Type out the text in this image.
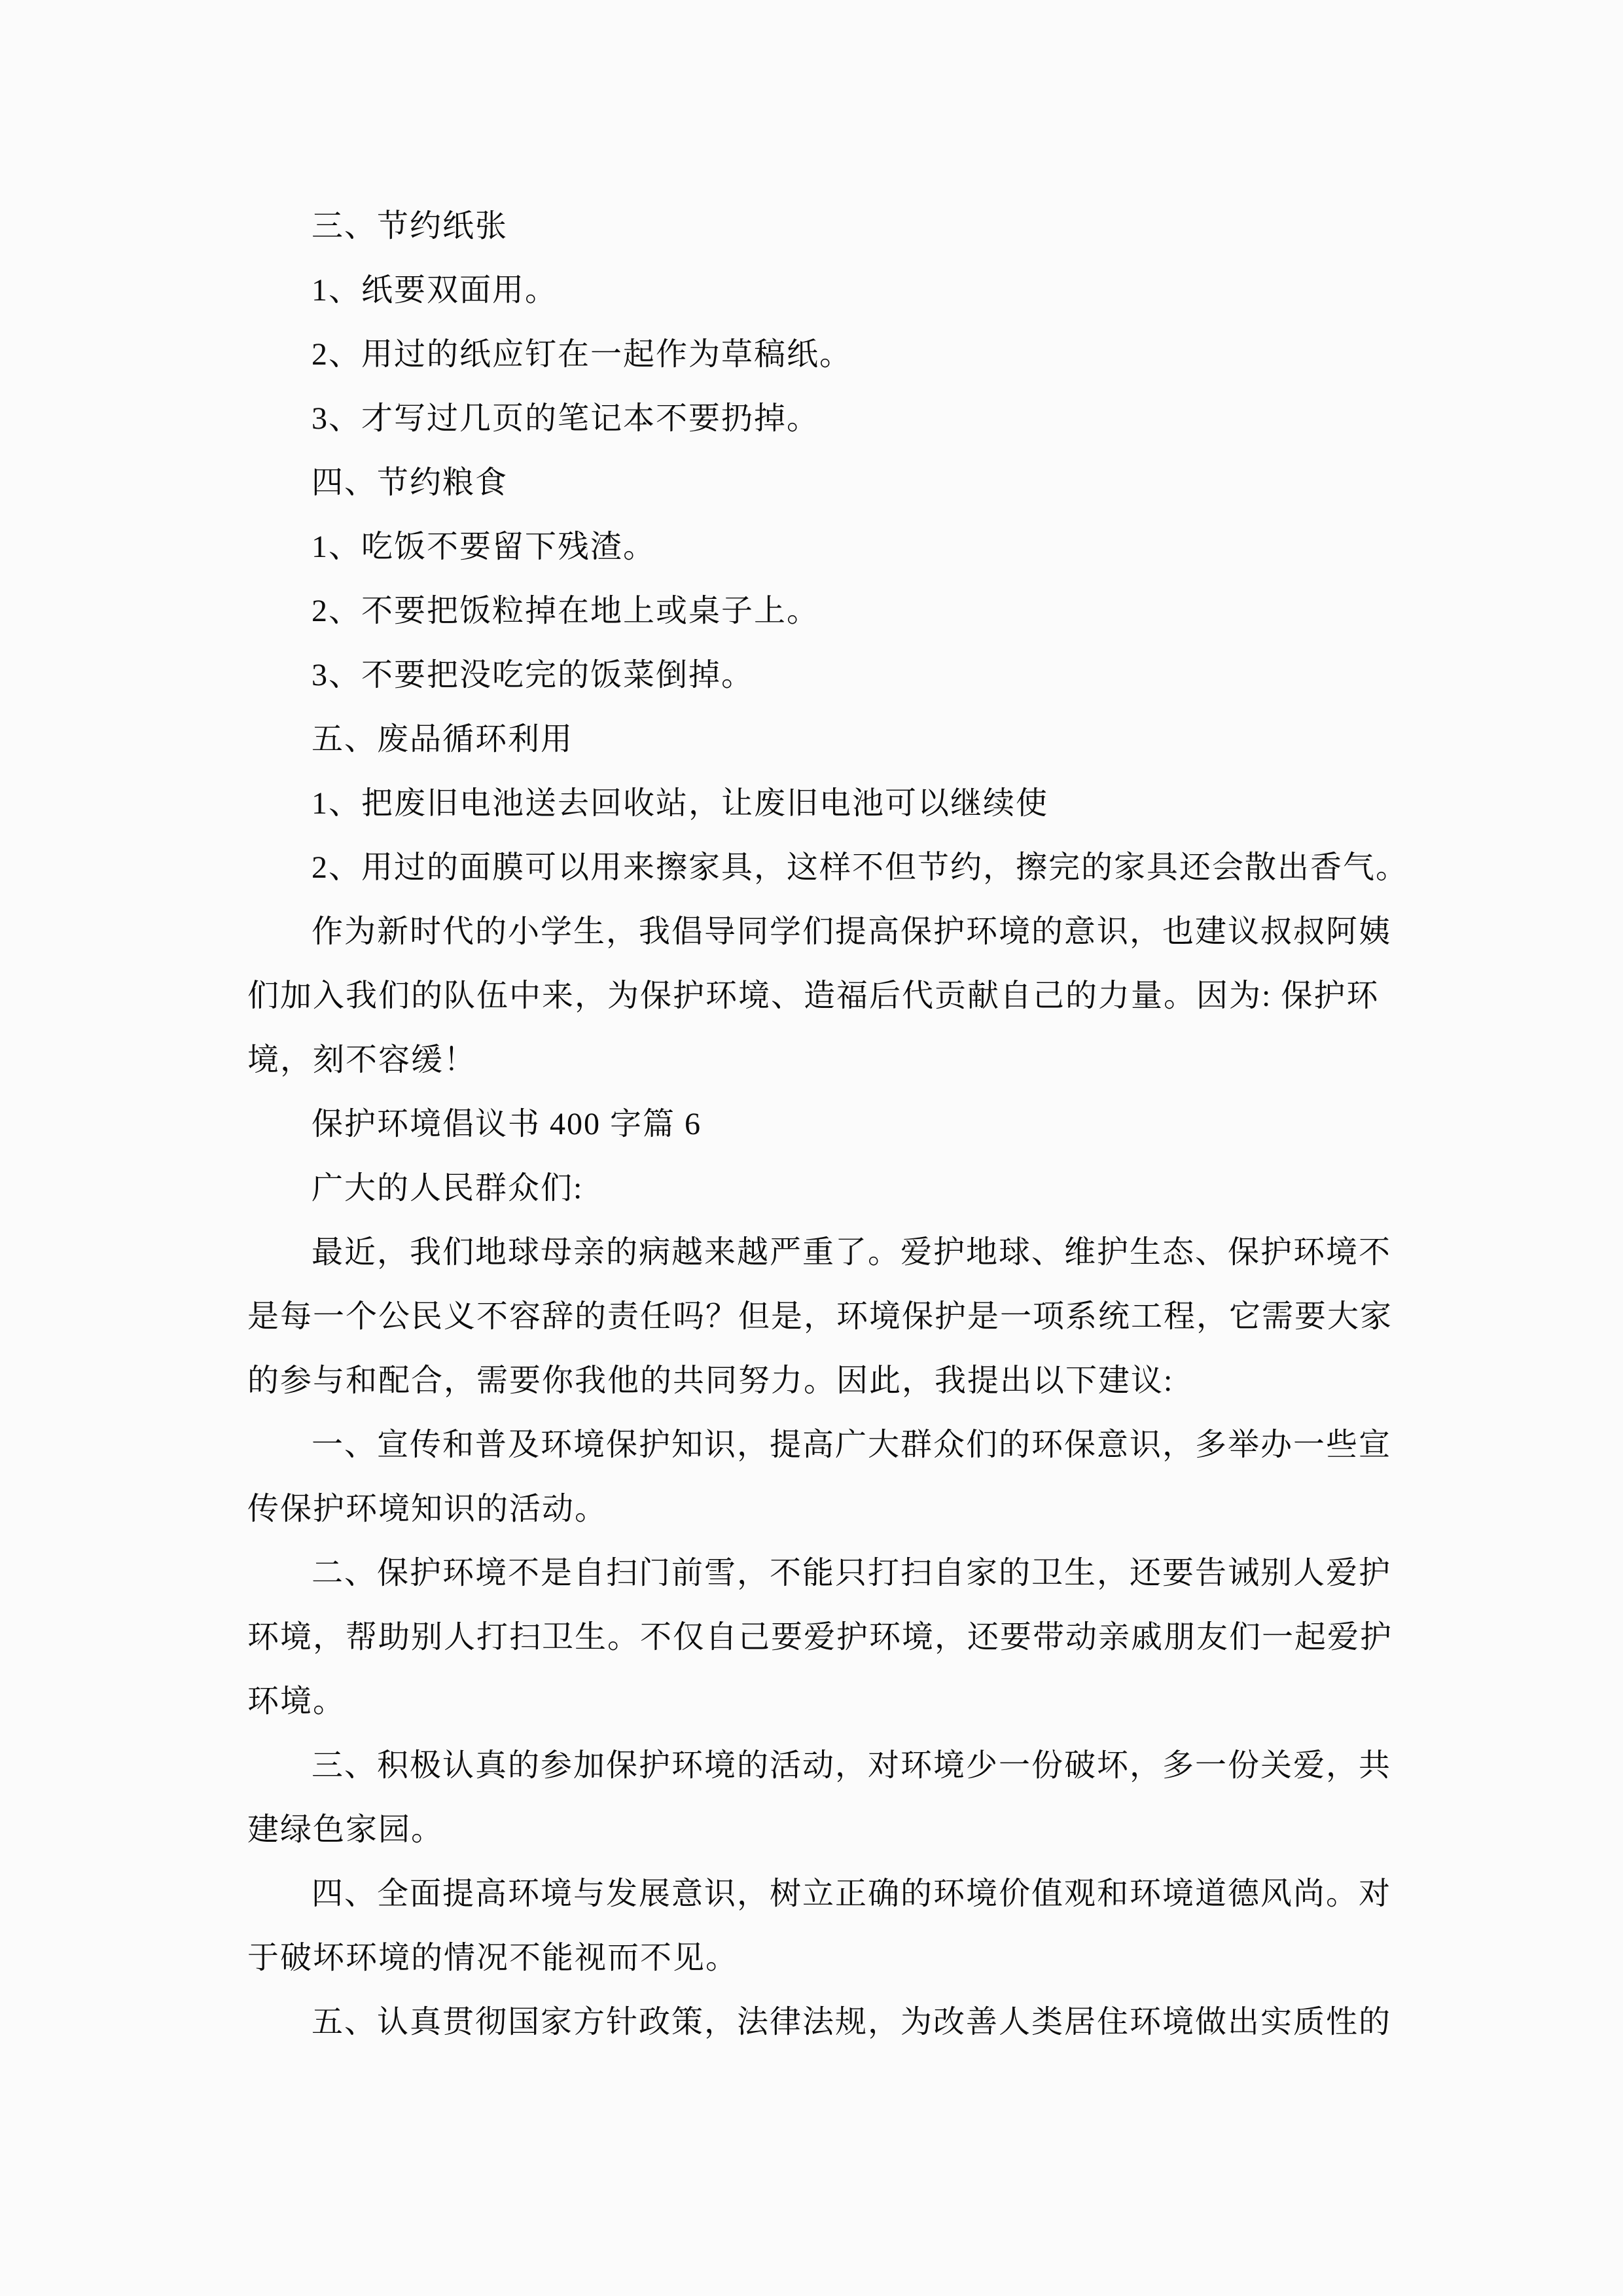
三、节约纸张
1、纸要双面用。
2、用过的纸应钉在一起作为草稿纸。
3、才写过几页的笔记本不要扔掉。
四、节约粮食
1、吃饭不要留下残渣。
2、不要把饭粒掉在地上或桌子上。
3、不要把没吃完的饭菜倒掉。
五、废品循环利用
1、把废旧电池送去回收站，让废旧电池可以继续使
2、用过的面膜可以用来擦家具，这样不但节约，擦完的家具还会散出香气。
作为新时代的小学生，我倡导同学们提高保护环境的意识，也建议叔叔阿姨
们加入我们的队伍中来，为保护环境、造福后代贡献自己的力量。因为: 保护环
境，刻不容缓！
保护环境倡议书 400 字篇 6
广大的人民群众们:
最近，我们地球母亲的病越来越严重了。爱护地球、维护生态、保护环境不
是每一个公民义不容辞的责任吗？但是，环境保护是一项系统工程，它需要大家
的参与和配合，需要你我他的共同努力。因此，我提出以下建议:
一、宣传和普及环境保护知识，提高广大群众们的环保意识，多举办一些宣
传保护环境知识的活动。
二、保护环境不是自扫门前雪，不能只打扫自家的卫生，还要告诫别人爱护
环境，帮助别人打扫卫生。不仅自己要爱护环境，还要带动亲戚朋友们一起爱护
环境。
三、积极认真的参加保护环境的活动，对环境少一份破坏，多一份关爱，共
建绿色家园。
四、全面提高环境与发展意识，树立正确的环境价值观和环境道德风尚。对
于破坏环境的情况不能视而不见。
五、认真贯彻国家方针政策，法律法规，为改善人类居住环境做出实质性的
